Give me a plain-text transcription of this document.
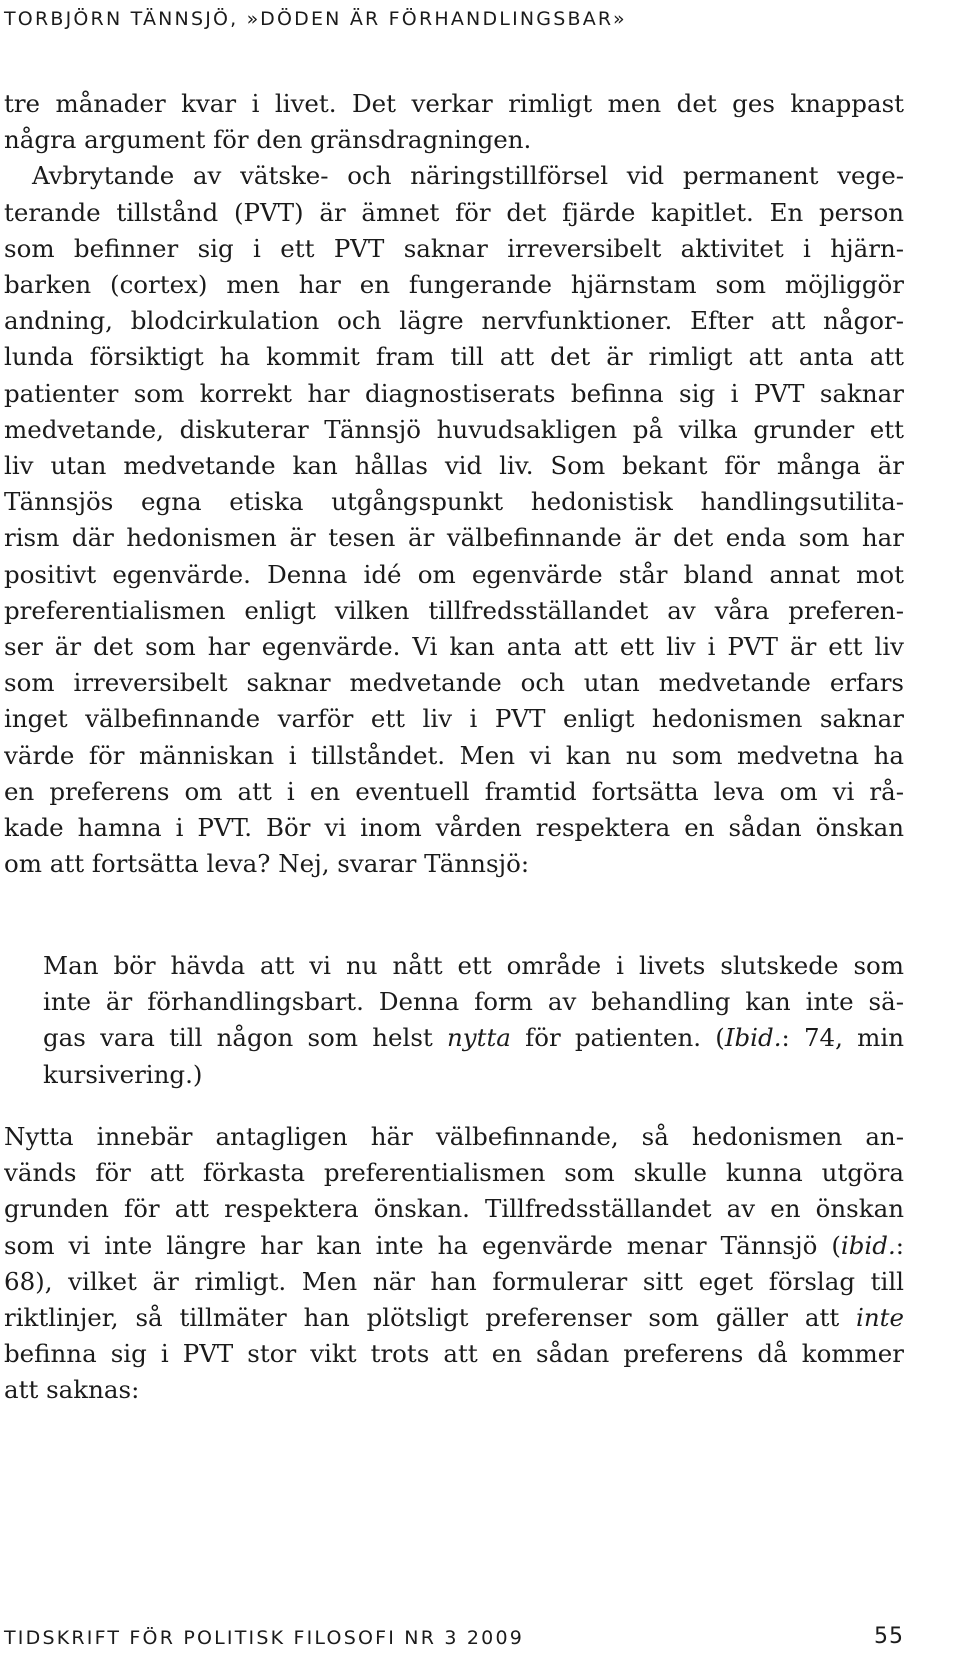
TORBJÖRN TÄNNSJÖ, »DÖDEN ÄR FÖRHANDLINGSBAR»
tre månader kvar i livet. Det verkar rimligt men det ges knappast
några argument för den gränsdragningen.
Avbrytande av vätske- och näringstillförsel vid permanent vege-
terande tillstånd (PVT) är ämnet för det fjärde kapitlet. En person
som befinner sig i ett PVT saknar irreversibelt aktivitet i hjärn-
barken (cortex) men har en fungerande hjärnstam som möjliggör
andning, blodcirkulation och lägre nervfunktioner. Efter att någor-
lunda försiktigt ha kommit fram till att det är rimligt att anta att
patienter som korrekt har diagnostiserats befinna sig i PVT saknar
medvetande, diskuterar Tännsjö huvudsakligen på vilka grunder ett
liv utan medvetande kan hållas vid liv. Som bekant för många är
Tännsjös egna etiska utgångspunkt hedonistisk handlingsutilita-
rism där hedonismen är tesen är välbefinnande är det enda som har
positivt egenvärde. Denna idé om egenvärde står bland annat mot
preferentialismen enligt vilken tillfredsställandet av våra preferen-
ser är det som har egenvärde. Vi kan anta att ett liv i PVT är ett liv
som irreversibelt saknar medvetande och utan medvetande erfars
inget välbefinnande varför ett liv i PVT enligt hedonismen saknar
värde för människan i tillståndet. Men vi kan nu som medvetna ha
en preferens om att i en eventuell framtid fortsätta leva om vi rå-
kade hamna i PVT. Bör vi inom vården respektera en sådan önskan
om att fortsätta leva? Nej, svarar Tännsjö:
Man bör hävda att vi nu nått ett område i livets slutskede som
inte är förhandlingsbart. Denna form av behandling kan inte sä-
gas vara till någon som helst nytta för patienten. (Ibid.: 74, min
kursivering.)
Nytta innebär antagligen här välbefinnande, så hedonismen an-
vänds för att förkasta preferentialismen som skulle kunna utgöra
grunden för att respektera önskan. Tillfredsställandet av en önskan
som vi inte längre har kan inte ha egenvärde menar Tännsjö (ibid.:
68), vilket är rimligt. Men när han formulerar sitt eget förslag till
riktlinjer, så tillmäter han plötsligt preferenser som gäller att inte
befinna sig i PVT stor vikt trots att en sådan preferens då kommer
att saknas:
TIDSKRIFT FÖR POLITISK FILOSOFI NR 3 2009	55
